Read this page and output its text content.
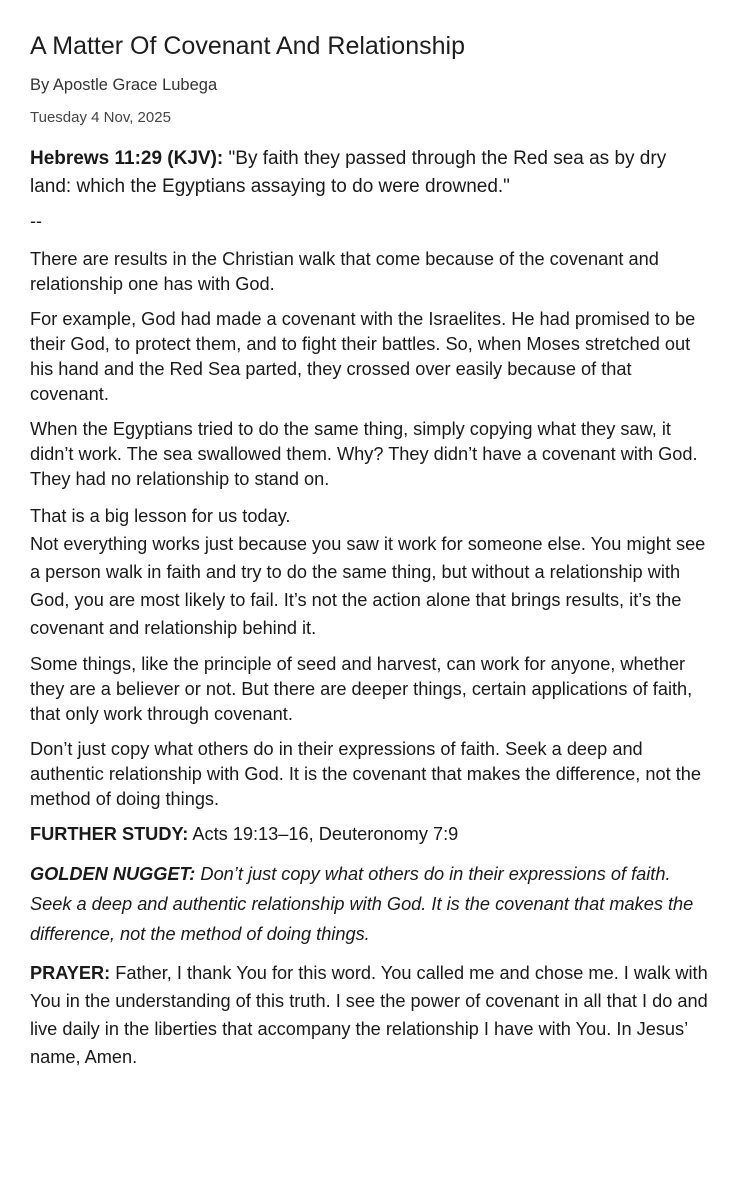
A Matter Of Covenant And Relationship
By Apostle Grace Lubega
Tuesday 4 Nov, 2025

Hebrews 11:29 (KJV): "By faith they passed through the Red sea as by dry land: which the Egyptians assaying to do were drowned."

--

There are results in the Christian walk that come because of the covenant and relationship one has with God.

For example, God had made a covenant with the Israelites. He had promised to be their God, to protect them, and to fight their battles. So, when Moses stretched out his hand and the Red Sea parted, they crossed over easily because of that covenant.

When the Egyptians tried to do the same thing, simply copying what they saw, it didn’t work. The sea swallowed them. Why? They didn’t have a covenant with God. They had no relationship to stand on.

That is a big lesson for us today.
Not everything works just because you saw it work for someone else. You might see a person walk in faith and try to do the same thing, but without a relationship with God, you are most likely to fail. It’s not the action alone that brings results, it’s the covenant and relationship behind it.

Some things, like the principle of seed and harvest, can work for anyone, whether they are a believer or not. But there are deeper things, certain applications of faith, that only work through covenant.

Don’t just copy what others do in their expressions of faith. Seek a deep and authentic relationship with God. It is the covenant that makes the difference, not the method of doing things.

FURTHER STUDY: Acts 19:13–16, Deuteronomy 7:9

GOLDEN NUGGET: Don’t just copy what others do in their expressions of faith. Seek a deep and authentic relationship with God. It is the covenant that makes the difference, not the method of doing things.

PRAYER: Father, I thank You for this word. You called me and chose me. I walk with You in the understanding of this truth. I see the power of covenant in all that I do and live daily in the liberties that accompany the relationship I have with You. In Jesus’ name, Amen.
